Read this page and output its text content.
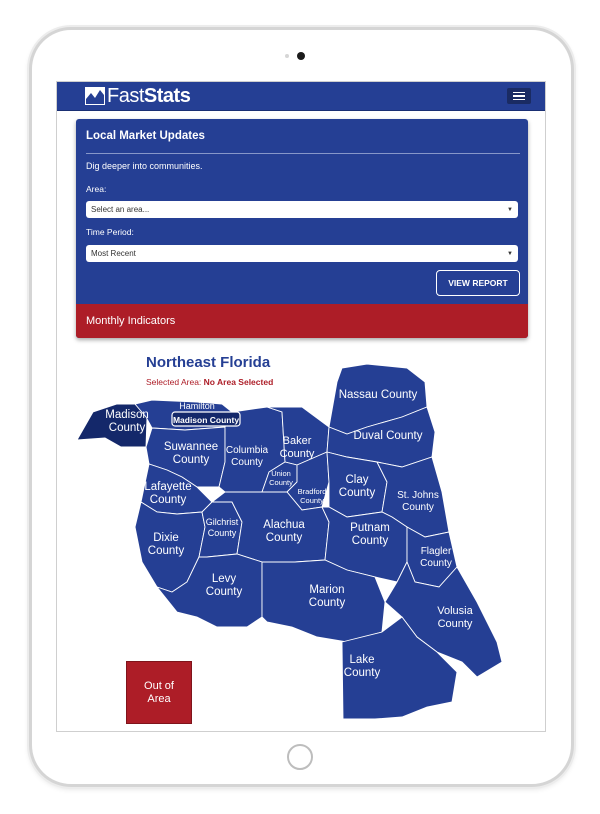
Fast Stats
Local Market Updates
Dig deeper into communities.
Area:
Select an area...	▼
Time Period:
Most Recent	▼
VIEW REPORT
Monthly Indicators
Madison County
Hamilton
Madison County
Suwannee County
Columbia County
Baker County
Nassau County
Duval County
Lafayette County
Union County
Bradford County
Clay County St. Johns County
Dixie County
Gilchrist County
Alachua County
Putnam County
Flagler County
Levy County	Marion County
Volusia County
Lake County
Northeast Florida
Selected Area: No Area Selected
Out of
Area
